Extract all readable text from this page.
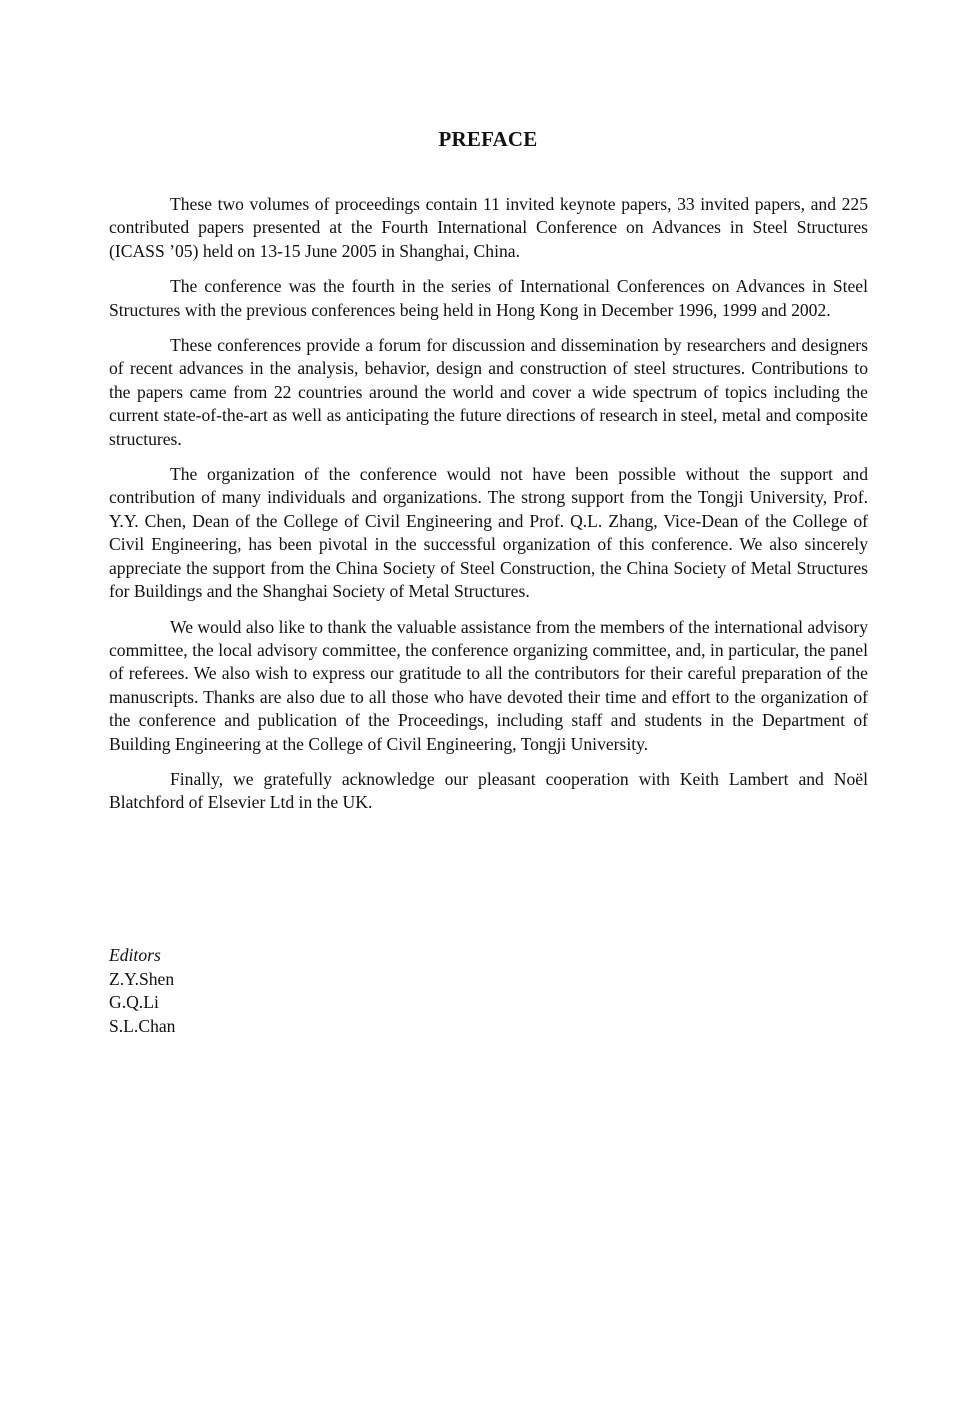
PREFACE

These two volumes of proceedings contain 11 invited keynote papers, 33 invited papers, and 225 contributed papers presented at the Fourth International Conference on Advances in Steel Structures (ICASS ’05) held on 13-15 June 2005 in Shanghai, China.

The conference was the fourth in the series of International Conferences on Advances in Steel Structures with the previous conferences being held in Hong Kong in December 1996, 1999 and 2002.

These conferences provide a forum for discussion and dissemination by researchers and designers of recent advances in the analysis, behavior, design and construction of steel structures. Contributions to the papers came from 22 countries around the world and cover a wide spectrum of topics including the current state-of-the-art as well as anticipating the future directions of research in steel, metal and composite structures.

The organization of the conference would not have been possible without the support and contribution of many individuals and organizations. The strong support from the Tongji University, Prof. Y.Y. Chen, Dean of the College of Civil Engineering and Prof. Q.L. Zhang, Vice-Dean of the College of Civil Engineering, has been pivotal in the successful organization of this conference. We also sincerely appreciate the support from the China Society of Steel Construction, the China Society of Metal Structures for Buildings and the Shanghai Society of Metal Structures.

We would also like to thank the valuable assistance from the members of the international advisory committee, the local advisory committee, the conference organizing committee, and, in particular, the panel of referees. We also wish to express our gratitude to all the contributors for their careful preparation of the manuscripts. Thanks are also due to all those who have devoted their time and effort to the organization of the conference and publication of the Proceedings, including staff and students in the Department of Building Engineering at the College of Civil Engineering, Tongji University.

Finally, we gratefully acknowledge our pleasant cooperation with Keith Lambert and Noël Blatchford of Elsevier Ltd in the UK.

Editors
Z.Y.Shen
G.Q.Li
S.L.Chan
